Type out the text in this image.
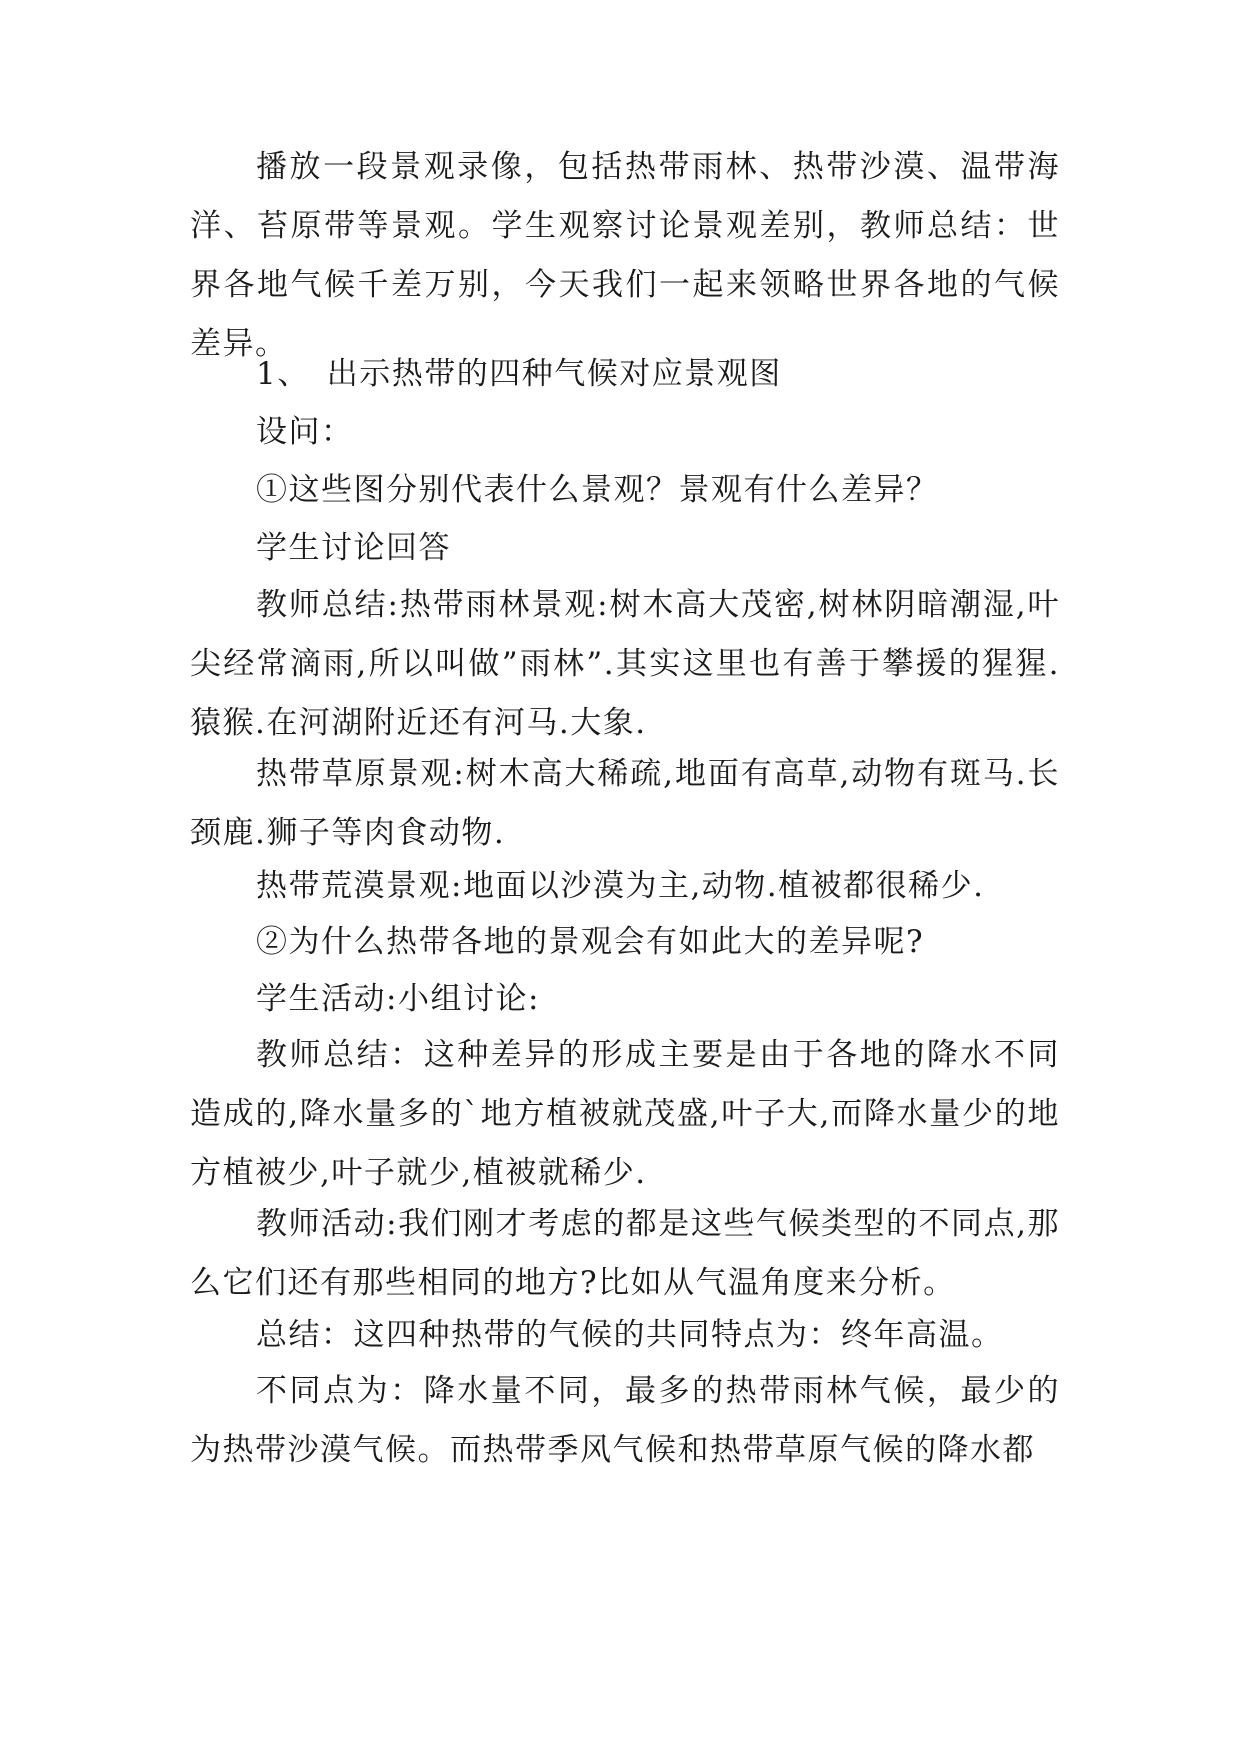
播放一段景观录像，包括热带雨林、热带沙漠、温带海洋、苔原带等景观。学生观察讨论景观差别，教师总结：世界各地气候千差万别，今天我们一起来领略世界各地的气候差异。

1、　出示热带的四种气候对应景观图

设问：

①这些图分别代表什么景观？景观有什么差异？

学生讨论回答

教师总结:热带雨林景观:树木高大茂密,树林阴暗潮湿,叶尖经常滴雨,所以叫做”雨林”.其实这里也有善于攀援的猩猩.猿猴.在河湖附近还有河马.大象.

热带草原景观:树木高大稀疏,地面有高草,动物有斑马.长颈鹿.狮子等肉食动物.

热带荒漠景观:地面以沙漠为主,动物.植被都很稀少.

②为什么热带各地的景观会有如此大的差异呢?

学生活动:小组讨论:

教师总结：这种差异的形成主要是由于各地的降水不同造成的,降水量多的`地方植被就茂盛,叶子大,而降水量少的地方植被少,叶子就少,植被就稀少.

教师活动:我们刚才考虑的都是这些气候类型的不同点,那么它们还有那些相同的地方?比如从气温角度来分析。

总结：这四种热带的气候的共同特点为：终年高温。

不同点为：降水量不同，最多的热带雨林气候，最少的为热带沙漠气候。而热带季风气候和热带草原气候的降水都
